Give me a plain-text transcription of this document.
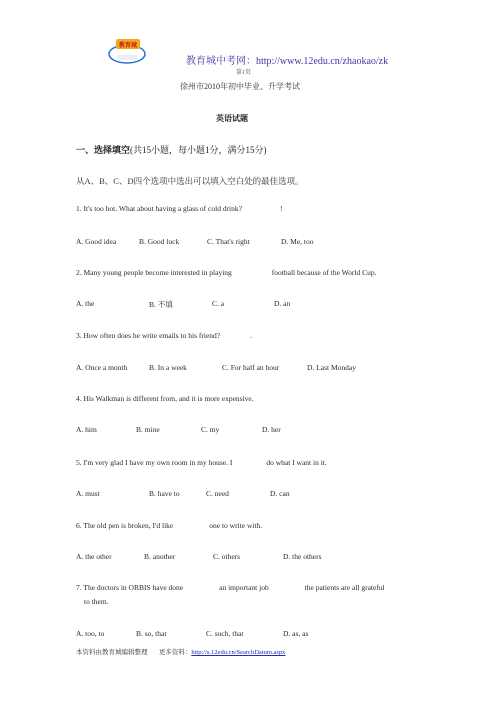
教育城
教育城中考网：http://www.12edu.cn/zhaokao/zk
第1页
徐州市2010年初中毕业、升学考试
英语试题
一、选择填空(共15小题，每小题1分，满分15分)
从A、B、C、D四个选项中选出可以填入空白处的最佳选项。
1. It's too hot. What about having a glass of cold drink?	!
A. Good idea	B. Good luck	C. That's right	D. Me, too
2. Many young people become interested in playing	football because of the World Cup.
A. the	B. 不填	C. a	D. an
3. How often does he write emails to his friend?	.
A. Once a month	B. In a week	C. For half an hour	D. Last Monday
4. His Walkman is different from, and it is more expensive.
A. him	B. mine	C. my	D. her
5. I'm very glad I have my own room in my house. I	do what I want in it.
A. must	B. have to	C. need	D. can
6. The old pen is broken, I'd like	one to write with.
A. the other	B. another	C. others	D. the others
7. The doctors in ORBIS have done	an important job	the patients are all grateful
to them.
A. too, to	B. so, that	C. such, that	D. as, as
本资料由教育城编辑整理 更多资料：http://s.12edu.cn/SearchDatum.aspx
